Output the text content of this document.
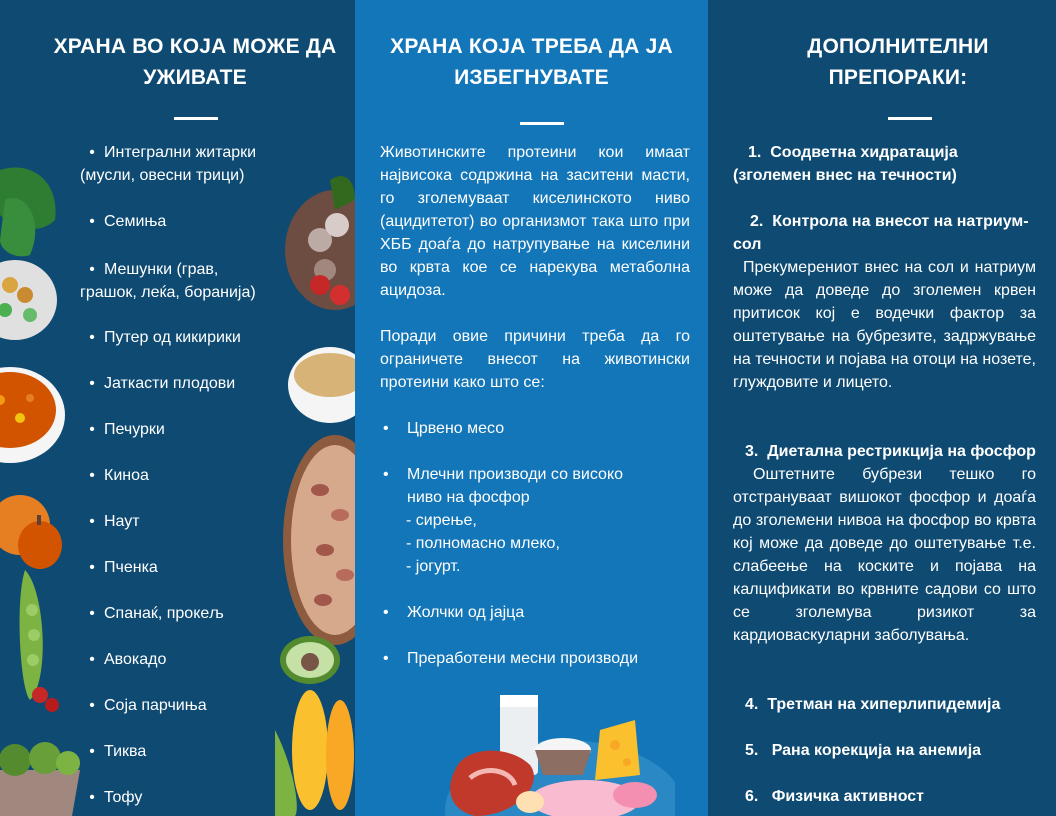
ХРАНА ВО КОЈА МОЖЕ ДА
УЖИВАТЕ
• Интегрални житарки
(мусли, овесни трици)
• Семиња
• Мешунки (грав,
грашок, леќа, боранија)
• Путер од кикирики
• Јаткасти плодови
• Печурки
• Киноа
• Наут
• Пченка
• Спанаќ, прокељ
• Авокадо
• Соја парчиња
• Тиква
• Тофу
ХРАНА КОЈА ТРЕБА ДА ЈА
ИЗБЕГНУВАТЕ
Животинските протеини кои имаат највисока содржина на заситени масти, го зголемуваат киселинското ниво (ацидитетот) во организмот така што при ХББ доаѓа до натрупување на киселини во крвта кое се нарекува метаболна ацидоза.
Поради овие причини треба да го ограничете внесот на животински протеини како што се:
• Црвено месо
•	Млечни производи со високо ниво на фосфор
- сирење,
- полномасно млеко,
- јогурт.
• Жолчки од јајца
• Преработени месни производи
ДОПОЛНИТЕЛНИ
ПРЕПОРАКИ:
1. Соодветна хидратација (зголемен внес на течности)
2. Контрола на внесот на натриум-сол
Прекумерениот внес на сол и натриум може да доведе до зголемен крвен притисок кој е водечки фактор за оштетување на бубрезите, задржување на течности и појава на отоци на нозете, глуждовите и лицето.
3. Диетална рестрикција на фосфор
Оштетните бубрези тешко го отстрануваат вишокот фосфор и доаѓа до зголемени нивоа на фосфор во крвта кој може да доведе до оштетување т.е. слабеење на коските и појава на калцификати во крвните садови со што се зголемува ризикот за кардиоваскуларни заболувања.
4. Третман на хиперлипидемија
5. Рана корекција на анемија
6. Физичка активност
